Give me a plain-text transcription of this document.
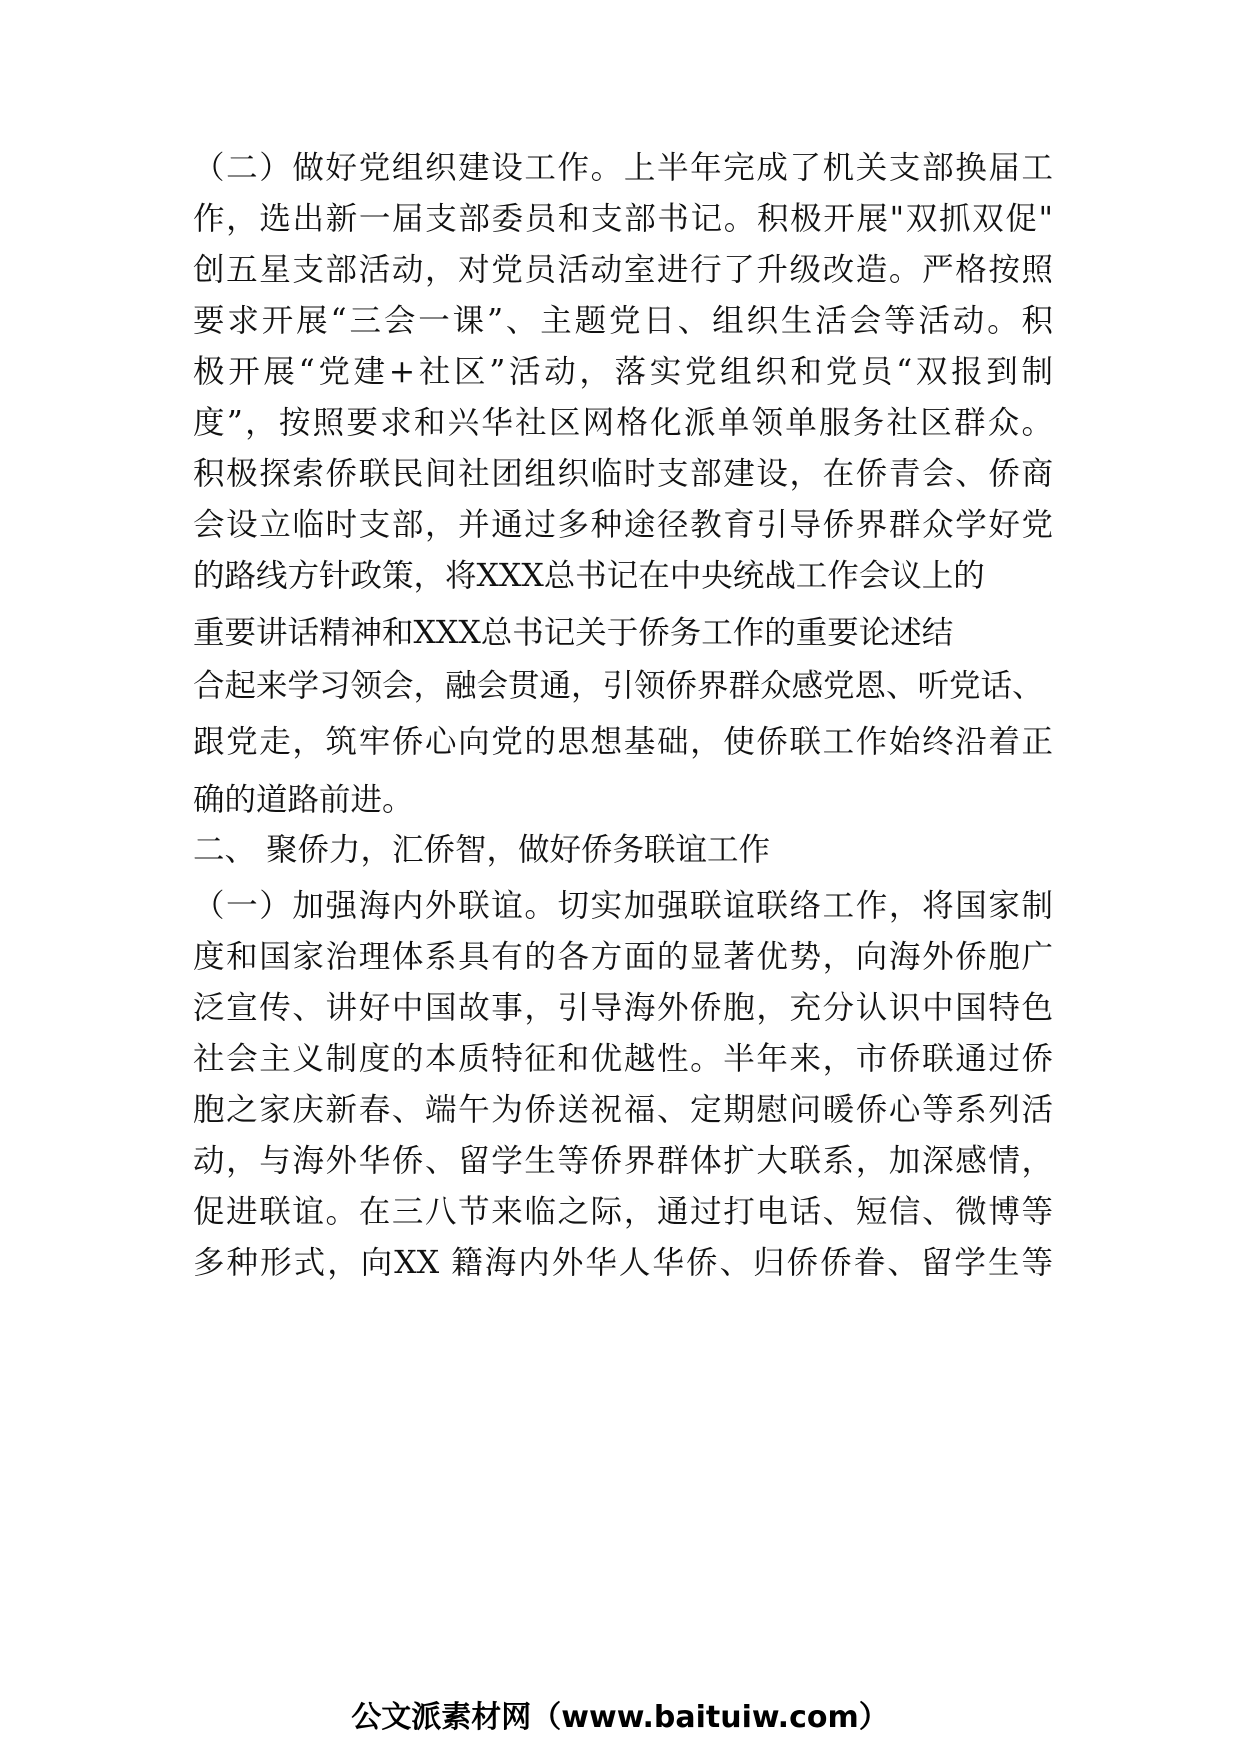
（二）做好党组织建设工作。上半年完成了机关支部换届工
作，选出新一届支部委员和支部书记。积极开展"双抓双促"
创五星支部活动，对党员活动室进行了升级改造。严格按照
要求开展“三会一课”、主题党日、组织生活会等活动。积
极开展“党建+社区”活动，落实党组织和党员“双报到制
度”，按照要求和兴华社区网格化派单领单服务社区群众。
积极探索侨联民间社团组织临时支部建设，在侨青会、侨商
会设立临时支部，并通过多种途径教育引导侨界群众学好党
的路线方针政策，将XXX总书记在中央统战工作会议上的
重要讲话精神和XXX总书记关于侨务工作的重要论述结
合起来学习领会，融会贯通，引领侨界群众感党恩、听党话、
跟党走，筑牢侨心向党的思想基础，使侨联工作始终沿着正
确的道路前进。
二、 聚侨力，汇侨智，做好侨务联谊工作
（一）加强海内外联谊。切实加强联谊联络工作，将国家制
度和国家治理体系具有的各方面的显著优势，向海外侨胞广
泛宣传、讲好中国故事，引导海外侨胞，充分认识中国特色
社会主义制度的本质特征和优越性。半年来，市侨联通过侨
胞之家庆新春、端午为侨送祝福、定期慰问暖侨心等系列活
动，与海外华侨、留学生等侨界群体扩大联系，加深感情，
促进联谊。在三八节来临之际，通过打电话、短信、微博等
多种形式，向XX 籍海内外华人华侨、归侨侨眷、留学生等
公文派素材网（www.baituiw.com）
